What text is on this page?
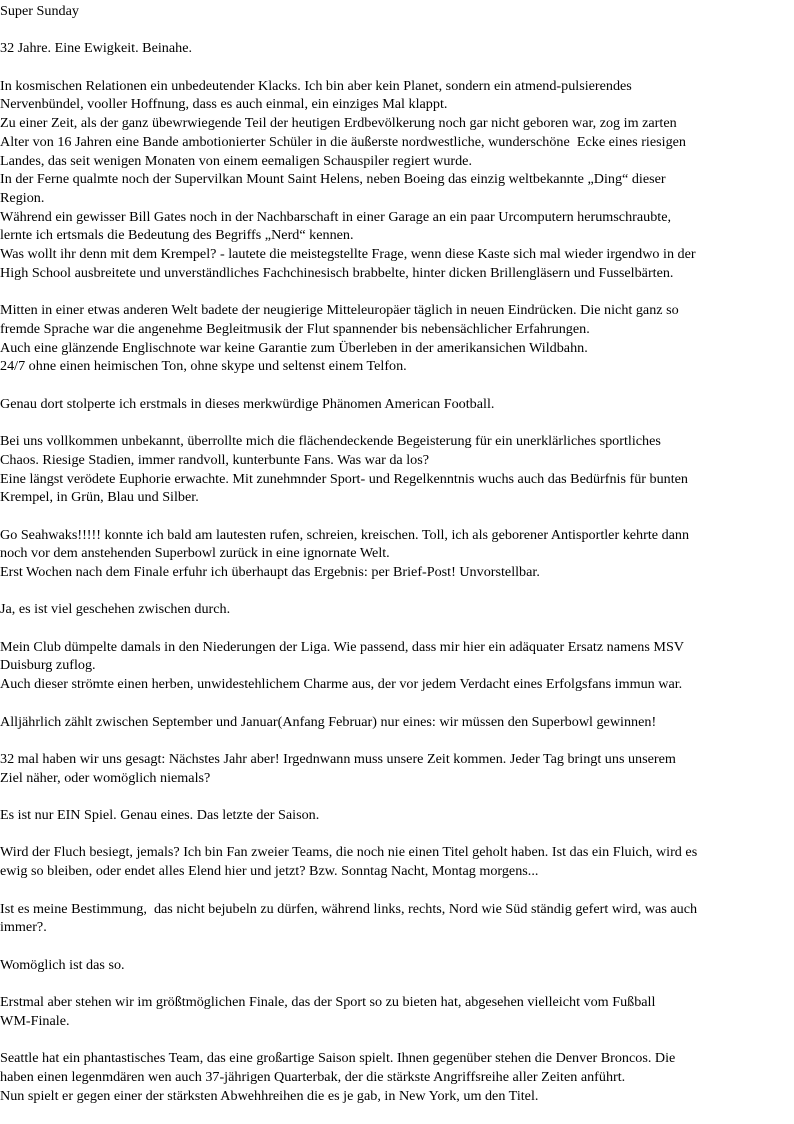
Super Sunday
32 Jahre. Eine Ewigkeit. Beinahe.
In kosmischen Relationen ein unbedeutender Klacks. Ich bin aber kein Planet, sondern ein atmend-pulsierendes
Nervenbündel, vooller Hoffnung, dass es auch einmal, ein einziges Mal klappt.
Zu einer Zeit, als der ganz übewrwiegende Teil der heutigen Erdbevölkerung noch gar nicht geboren war, zog im zarten
Alter von 16 Jahren eine Bande ambotionierter Schüler in die äußerste nordwestliche, wunderschöne  Ecke eines riesigen
Landes, das seit wenigen Monaten von einem eemaligen Schauspiler regiert wurde.
In der Ferne qualmte noch der Supervilkan Mount Saint Helens, neben Boeing das einzig weltbekannte „Ding“ dieser
Region.
Während ein gewisser Bill Gates noch in der Nachbarschaft in einer Garage an ein paar Urcomputern herumschraubte,
lernte ich ertsmals die Bedeutung des Begriffs „Nerd“ kennen.
Was wollt ihr denn mit dem Krempel? - lautete die meistegstellte Frage, wenn diese Kaste sich mal wieder irgendwo in der
High School ausbreitete und unverständliches Fachchinesisch brabbelte, hinter dicken Brillengläsern und Fusselbärten.
Mitten in einer etwas anderen Welt badete der neugierige Mitteleuropäer täglich in neuen Eindrücken. Die nicht ganz so
fremde Sprache war die angenehme Begleitmusik der Flut spannender bis nebensächlicher Erfahrungen.
Auch eine glänzende Englischnote war keine Garantie zum Überleben in der amerikansichen Wildbahn.
24/7 ohne einen heimischen Ton, ohne skype und seltenst einem Telfon.
Genau dort stolperte ich erstmals in dieses merkwürdige Phänomen American Football.
Bei uns vollkommen unbekannt, überrollte mich die flächendeckende Begeisterung für ein unerklärliches sportliches
Chaos. Riesige Stadien, immer randvoll, kunterbunte Fans. Was war da los?
Eine längst verödete Euphorie erwachte. Mit zunehmnder Sport- und Regelkenntnis wuchs auch das Bedürfnis für bunten
Krempel, in Grün, Blau und Silber.
Go Seahwaks!!!!! konnte ich bald am lautesten rufen, schreien, kreischen. Toll, ich als geborener Antisportler kehrte dann
noch vor dem anstehenden Superbowl zurück in eine ignornate Welt.
Erst Wochen nach dem Finale erfuhr ich überhaupt das Ergebnis: per Brief-Post! Unvorstellbar.
Ja, es ist viel geschehen zwischen durch.
Mein Club dümpelte damals in den Niederungen der Liga. Wie passend, dass mir hier ein adäquater Ersatz namens MSV
Duisburg zuflog.
Auch dieser strömte einen herben, unwidestehlichem Charme aus, der vor jedem Verdacht eines Erfolgsfans immun war.
Alljährlich zählt zwischen September und Januar(Anfang Februar) nur eines: wir müssen den Superbowl gewinnen!
32 mal haben wir uns gesagt: Nächstes Jahr aber! Irgednwann muss unsere Zeit kommen. Jeder Tag bringt uns unserem
Ziel näher, oder womöglich niemals?
Es ist nur EIN Spiel. Genau eines. Das letzte der Saison.
Wird der Fluch besiegt, jemals? Ich bin Fan zweier Teams, die noch nie einen Titel geholt haben. Ist das ein Fluich, wird es
ewig so bleiben, oder endet alles Elend hier und jetzt? Bzw. Sonntag Nacht, Montag morgens...
Ist es meine Bestimmung,  das nicht bejubeln zu dürfen, während links, rechts, Nord wie Süd ständig gefert wird, was auch
immer?.
Womöglich ist das so.
Erstmal aber stehen wir im größtmöglichen Finale, das der Sport so zu bieten hat, abgesehen vielleicht vom Fußball
WM-Finale.
Seattle hat ein phantastisches Team, das eine großartige Saison spielt. Ihnen gegenüber stehen die Denver Broncos. Die
haben einen legenmdären wen auch 37-jährigen Quarterbak, der die stärkste Angriffsreihe aller Zeiten anführt.
Nun spielt er gegen einer der stärksten Abwehhreihen die es je gab, in New York, um den Titel.
